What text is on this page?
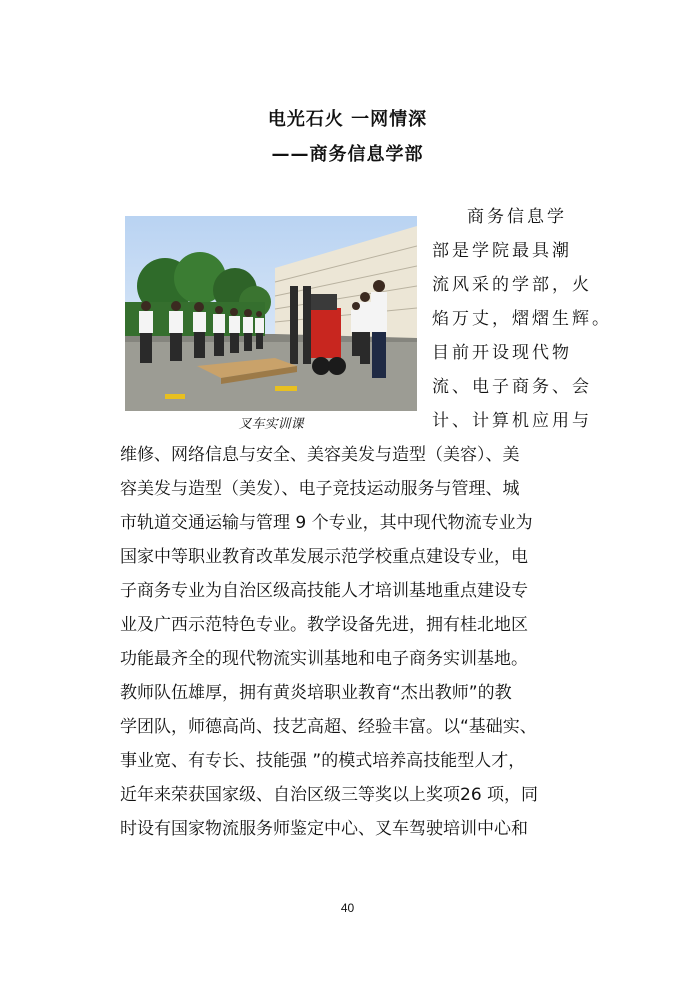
电光石火 一网情深
——商务信息学部
叉车实训课
商务信息学
部是学院最具潮
流风采的学部，火
焰万丈，熠熠生辉。
目前开设现代物
流、电子商务、会
计、计算机应用与
维修、网络信息与安全、美容美发与造型（美容）、美
容美发与造型（美发）、电子竞技运动服务与管理、城
市轨道交通运输与管理 9 个专业，其中现代物流专业为
国家中等职业教育改革发展示范学校重点建设专业，电
子商务专业为自治区级高技能人才培训基地重点建设专
业及广西示范特色专业。教学设备先进，拥有桂北地区
功能最齐全的现代物流实训基地和电子商务实训基地。
教师队伍雄厚，拥有黄炎培职业教育“杰出教师”的教
学团队，师德高尚、技艺高超、经验丰富。以“基础实、
事业宽、有专长、技能强 ”的模式培养高技能型人才，
近年来荣获国家级、自治区级三等奖以上奖项26 项，同
时设有国家物流服务师鉴定中心、叉车驾驶培训中心和
40
